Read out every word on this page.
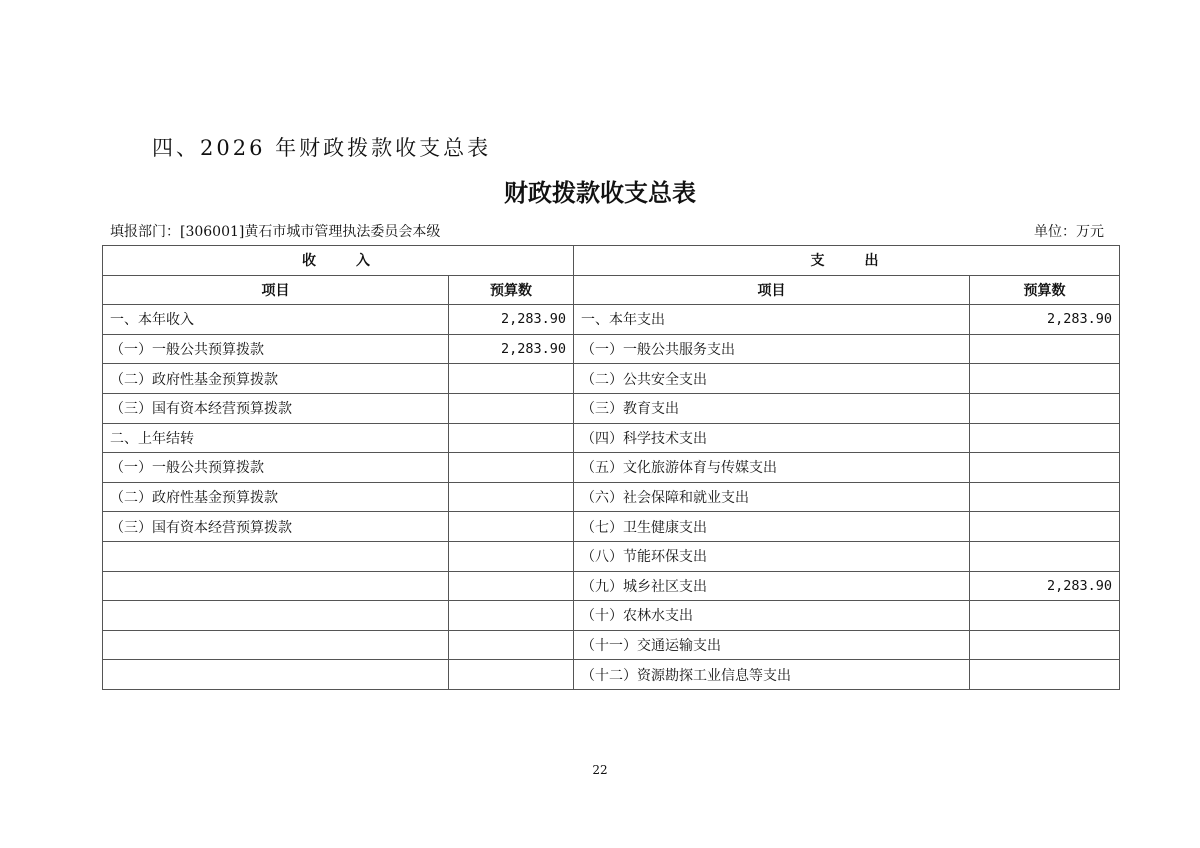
四、2026 年财政拨款收支总表
财政拨款收支总表
填报部门：[306001]黄石市城市管理执法委员会本级	单位：万元
收　　入		支　　出	
项目	预算数	项目	预算数
一、本年收入	2,283.90	一、本年支出	2,283.90
（一）一般公共预算拨款	2,283.90	（一）一般公共服务支出	
（二）政府性基金预算拨款		（二）公共安全支出	
（三）国有资本经营预算拨款		（三）教育支出	
二、上年结转		（四）科学技术支出	
（一）一般公共预算拨款		（五）文化旅游体育与传媒支出	
（二）政府性基金预算拨款		（六）社会保障和就业支出	
（三）国有资本经营预算拨款		（七）卫生健康支出	
		（八）节能环保支出	
		（九）城乡社区支出	2,283.90
		（十）农林水支出	
		（十一）交通运输支出	
		（十二）资源勘探工业信息等支出	
22
